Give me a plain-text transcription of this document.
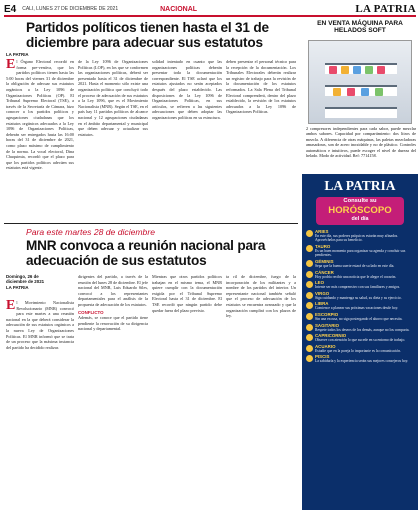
E4 CALI, LUNES 27 DE DICIEMBRE DE 2021	NACIONAL	LA PATRIA
Partidos políticos tienen hasta el 31 de diciembre para adecuar sus estatutos
LA PATRIA
El Órgano Electoral recordó en forma pre-ventiva, que los partidos políticos tienen hasta las 5:00 horas del viernes 31 de diciembre la obligación de adecuar sus estatutos orgánicos a la Ley 1096 de Organizaciones Políticas (OP). El Tribunal Supremo Electoral (TSE), a través de la Secretaría de Cámara, hizo conocer a los partidos políticos y agrupaciones ciudadanas que los estatutos orgánicos adecuados a la Ley 1096 de Organizaciones Políticas, deberán ser entregados hasta las 16:00 horas del 31 de diciembre de 2021, como plazo máximo de cumplimiento de la norma. La vocal electoral, Dina Chuquimia, recordó que el plazo para que los partidos políticos adecúen sus estatutos está vigente.
de la Ley 1096 de Organizaciones Políticas (LOP), en los que se conformen las organizaciones políticas, deberá ser presentado hasta el 31 de diciembre de 2021. Hasta el momento sólo existe una organización política que concluyó todo el proceso de adecuación de sus estatutos a la Ley 1096, que es el Movimiento Nacionalista (MNR). Según el TSE, en el país hay 11 partidos políticos de alcance nacional y 12 agrupaciones ciudadanas en el ámbito departamental y municipal que deben adecuar y actualizar sus estatutos.
solidad intentado en cuanto que las organizaciones políticas deberán presentar toda la documentación correspondiente. El TSE aclaró que los estatutos ajustados no serán aceptados después del plazo establecido. Las disposiciones de la Ley 1096 de Organizaciones Políticas, en sus artículos, se refieren a las siguientes adecuaciones que deben adoptar las organizaciones políticas en su estructura.
deben presentar el personal técnico para la recepción de la documentación. Los Tribunales Electorales deberán realizar un registro de trabajo para la revisión de la documentación de los estatutos reformados. La Sala Plena del Tribunal Electoral comprenderá, dentro del plazo establecido, la revisión de los estatutos adecuados a la Ley 1096 de Organizaciones Políticas.
EN VENTA MÁQUINA PARA HELADOS SOFT
2 compresores independientes para cada sabor, puede mezclar ambos sabores. Capacidad por compartimiento: dos litros de mezcla. A diferencia de otras máquinas, las paletas mezcladoras amasadoras, son de acero inoxidable y no de plástico. Controles automáticos e intuitivos, puede escoger el nivel de dureza del helado. Modo de actividad. Ref: 7714158.
LA PATRIA
Consulte su
HORÓSCOPO
del día
ARIES
En este día, sus poderes psíquicos estarán muy afinados. Aprovéchelos para su beneficio.
TAURO
Es un buen momento para organizar su agenda y concluir sus pendientes.
GÉMINIS
Sepa que la buena suerte estará de su lado en este día.
CÁNCER
Hoy podría recibir una noticia que le alegre el corazón.
LEO
Intente ser más comprensivo con sus familiares y amigos.
VIRGO
Siga cuidando y mantenga su salud, su dieta y su ejercicio.
LIBRA
Comience a planear sus próximas vacaciones desde hoy.
ESCORPIO
Sin una excusa, no siga postergando el ahorro que necesita.
SAGITARIO
Respete todos los deseos de los demás, aunque no los comparta.
CAPRICORNIO
Observe con atención lo que sucede en su entorno de trabajo.
ACUARIO
Estudie que en la pareja lo importante es la comunicación.
PISCIS
La sabiduría y la experiencia serán sus mejores consejeros hoy.
Para este martes 28 de diciembre
MNR convoca a reunión nacional para adecuación de sus estatutos
Domingo, 26 de diciembre de 2021
LA PATRIA
El Movimiento Nacionalista Revolucionario (MNR) convocó para este martes a una reunión nacional en la que deberá considerar la adecuación de sus estatutos orgánicos a la nueva Ley de Organizaciones Políticas. El MNR informó que se trata de un proceso que la máxima instancia del partido ha decidido realizar.
dirigentes del partido, a través de la reunión del lunes 28 de diciembre. El jefe nacional del MNR, Luis Eduardo Siles, convocó a los representantes departamentales para el análisis de la propuesta de adecuación de los estatutos.
CONFLICTO
Además, se conoce que el partido tiene pendiente la renovación de su dirigencia nacional y departamental.
Mientras que otros partidos políticos trabajan en el mismo tema, el MNR quiere cumplir con la documentación exigida por el Tribunal Supremo Electoral hasta el 31 de diciembre. El TSE recordó que ningún partido debe quedar fuera del plazo previsto.
ta ril de diciembre, fuego de la incorporación de los militantes y a nombre de los partidos del interior. Un representante nacional también señaló que el proceso de adecuación de los estatutos se encuentra avanzado y que la organización cumplirá con los plazos de ley.
